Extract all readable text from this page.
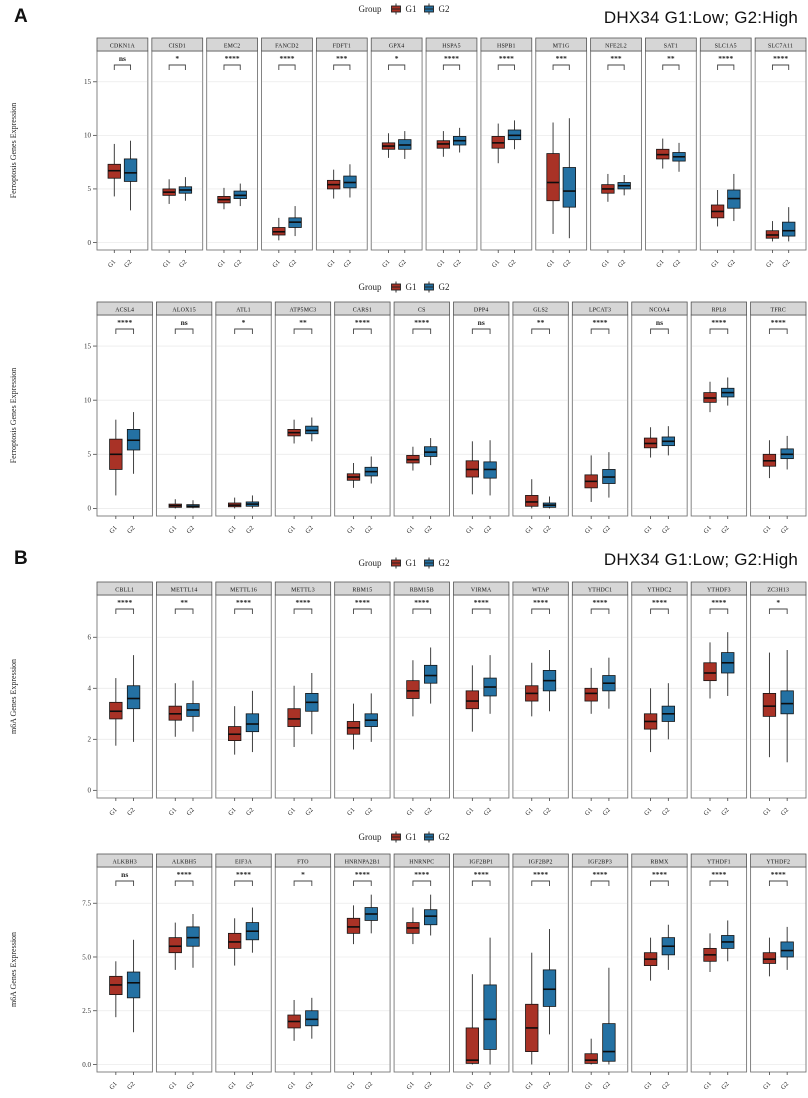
A	DHX34 G1:Low; G2:High
Group	G1 G2
Ferroptosis Genes Expression
0
5
10
15
ns
CDKN1A
G1 G2
*
CISD1
G1 G2
****
EMC2
G1 G2
****
FANCD2
G1 G2
***
FDFT1
G1 G2
*
GPX4
G1 G2
****
HSPA5
G1 G2
****
HSPB1
G1 G2
***
MT1G
G1 G2
***
NFE2L2
G1 G2
**
SAT1
G1 G2
****
SLC1A5
G1 G2
****
SLC7A11
G1 G2
Group	G1 G2
Ferroptosis Genes Expression
0
5
10
15
****
ACSL4
G1 G2
ns
ALOX15
G1 G2
*
ATL1
G1 G2
**
ATP5MC3
G1 G2
****
CARS1
G1 G2
****
CS
G1 G2
ns
DPP4
G1 G2
**
GLS2
G1 G2
****
LPCAT3
G1 G2
ns
NCOA4
G1 G2
****
RPL8
G1 G2
****
TFRC
G1 G2
B	DHX34 G1:Low; G2:High
Group	G1 G2
m6A Genes Expression
0
2
4
6
****
CBLL1
G1 G2
**
METTL14
G1 G2
****
METTL16
G1 G2
****
METTL3
G1 G2
****
RBM15
G1 G2
****
RBM15B
G1 G2
****
VIRMA
G1 G2
****
WTAP
G1 G2
****
YTHDC1
G1 G2
****
YTHDC2
G1 G2
****
YTHDF3
G1 G2
*
ZC3H13
G1 G2
Group	G1 G2
m6A Genes Expression
0.0
2.5
5.0
7.5
ns
ALKBH3
G1 G2
****
ALKBH5
G1 G2
****
EIF3A
G1 G2
*
FTO
G1 G2
****
HNRNPA2B1
G1 G2
****
HNRNPC
G1 G2
****
IGF2BP1
G1 G2
****
IGF2BP2
G1 G2
****
IGF2BP3
G1 G2
****
RBMX
G1 G2
****
YTHDF1
G1 G2
****
YTHDF2
G1 G2
